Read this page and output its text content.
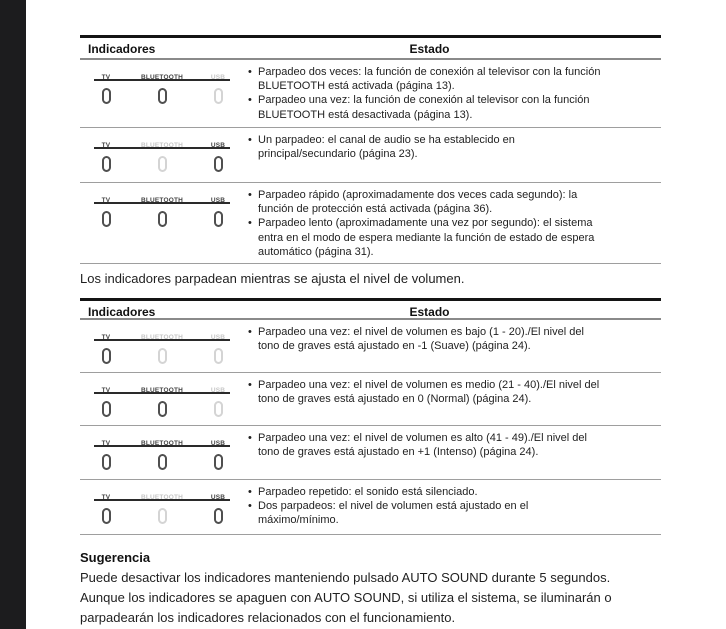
Indicadores	Estado
TV	BLUETOOTH	USB	• Parpadeo dos veces: la función de conexión al televisor con la función BLUETOOTH está activada (página 13).
• Parpadeo una vez: la función de conexión al televisor con la función BLUETOOTH está desactivada (página 13).
TV	BLUETOOTH	USB	• Un parpadeo: el canal de audio se ha establecido en principal/secundario (página 23).
TV	BLUETOOTH	USB	• Parpadeo rápido (aproximadamente dos veces cada segundo): la función de protección está activada (página 36).
• Parpadeo lento (aproximadamente una vez por segundo): el sistema entra en el modo de espera mediante la función de estado de espera automático (página 31).
Los indicadores parpadean mientras se ajusta el nivel de volumen.
Indicadores	Estado
TV	BLUETOOTH	USB	• Parpadeo una vez: el nivel de volumen es bajo (1 - 20)./El nivel del tono de graves está ajustado en -1 (Suave) (página 24).
TV	BLUETOOTH	USB	• Parpadeo una vez: el nivel de volumen es medio (21 - 40)./El nivel del tono de graves está ajustado en 0 (Normal) (página 24).
TV	BLUETOOTH	USB	• Parpadeo una vez: el nivel de volumen es alto (41 - 49)./El nivel del tono de graves está ajustado en +1 (Intenso) (página 24).
TV	BLUETOOTH	USB	• Parpadeo repetido: el sonido está silenciado.
• Dos parpadeos: el nivel de volumen está ajustado en el máximo/mínimo.
Sugerencia
Puede desactivar los indicadores manteniendo pulsado AUTO SOUND durante 5 segundos. Aunque los indicadores se apaguen con AUTO SOUND, si utiliza el sistema, se iluminarán o parpadearán los indicadores relacionados con el funcionamiento.
